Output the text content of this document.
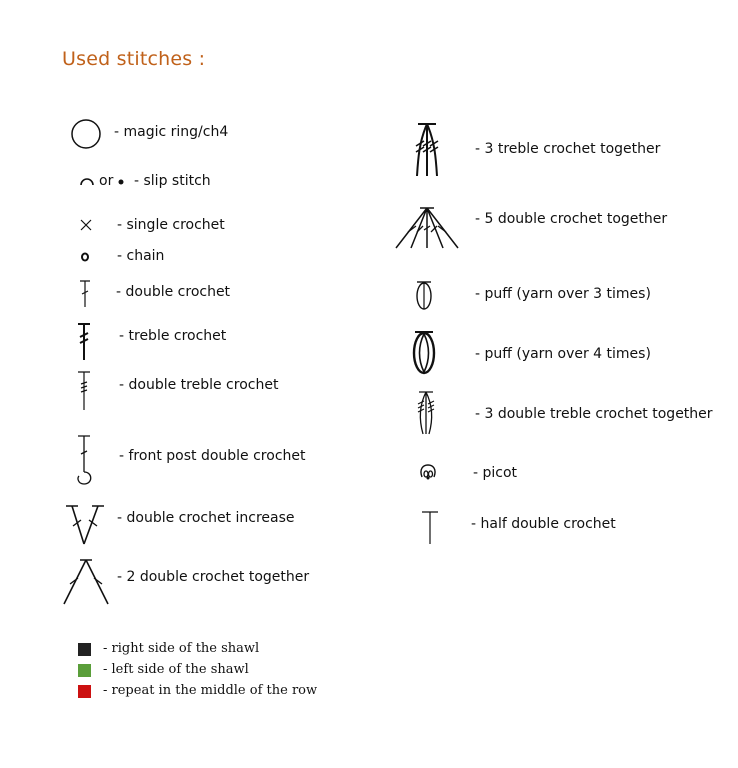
Used stitches :
- magic ring/ch4
or - slip stitch
- single crochet
- chain
- double crochet
- treble crochet
- double treble crochet
- front post double crochet
- double crochet increase
- 2 double crochet together
- 3 treble crochet together
- 5 double crochet together
- puff (yarn over 3 times)
- puff (yarn over 4 times)
- 3 double treble crochet together
- picot
- half double crochet
- right side of the shawl
- left side of the shawl
- repeat in the middle of the row
